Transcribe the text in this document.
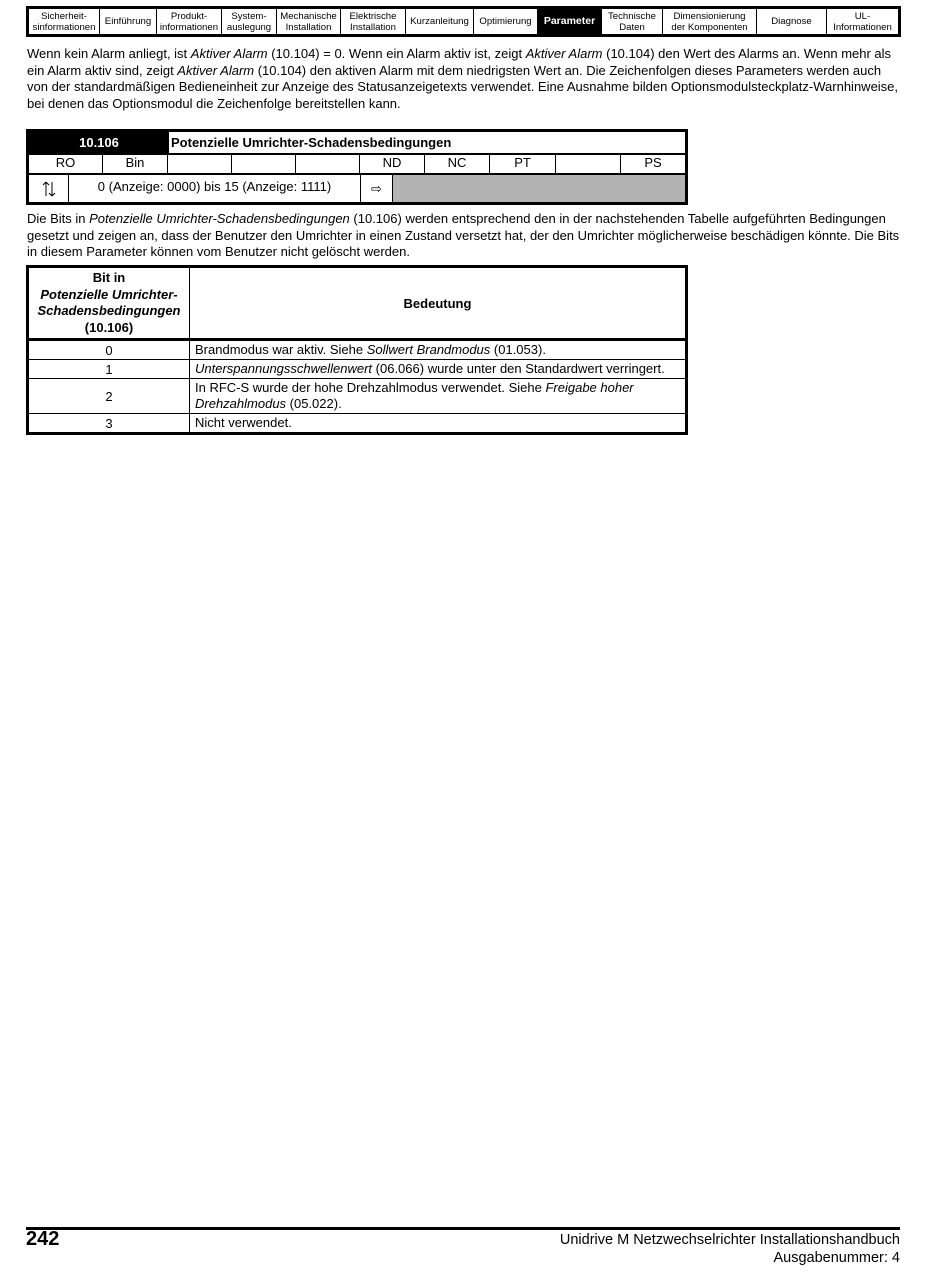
Sicherheit-
sinformationen Einführung	Produkt-
informationen
System-
auslegung
Mechanische
Installation
Elektrische
Installation	Kurzanleitung	Optimierung	Parameter	Technische
Daten
Dimensionierung
der Komponenten	Diagnose	UL-
Informationen

Wenn kein Alarm anliegt, ist Aktiver Alarm (10.104) = 0. Wenn ein Alarm aktiv ist, zeigt Aktiver Alarm (10.104) den Wert des Alarms an. Wenn mehr als ein Alarm aktiv sind, zeigt Aktiver Alarm (10.104) den aktiven Alarm mit dem niedrigsten Wert an. Die Zeichenfolgen dieses Parameters werden auch von der standardmäßigen Bedieneinheit zur Anzeige des Statusanzeigetexts verwendet. Eine Ausnahme bilden Optionsmodulsteckplatz-Warnhinweise, bei denen das Optionsmodul die Zeichenfolge bereitstellen kann.

10.106	Potenzielle Umrichter-Schadensbedingungen
RO	Bin	ND	NC	PT	PS
0 (Anzeige: 0000) bis 15 (Anzeige: 1111)	⇨

Die Bits in Potenzielle Umrichter-Schadensbedingungen (10.106) werden entsprechend den in der nachstehenden Tabelle aufgeführten Bedingungen gesetzt und zeigen an, dass der Benutzer den Umrichter in einen Zustand versetzt hat, der den Umrichter möglicherweise beschädigen könnte. Die Bits in diesem Parameter können vom Benutzer nicht gelöscht werden.

Bit in
Potenzielle Umrichter-Schadensbedingungen
(10.106)	Bedeutung
0	Brandmodus war aktiv. Siehe Sollwert Brandmodus (01.053).
1	Unterspannungsschwellenwert (06.066) wurde unter den Standardwert verringert.
2	In RFC-S wurde der hohe Drehzahlmodus verwendet. Siehe Freigabe hoher Drehzahlmodus (05.022).
3	Nicht verwendet.
242	Unidrive M Netzwechselrichter Installationshandbuch
Ausgabenummer: 4
